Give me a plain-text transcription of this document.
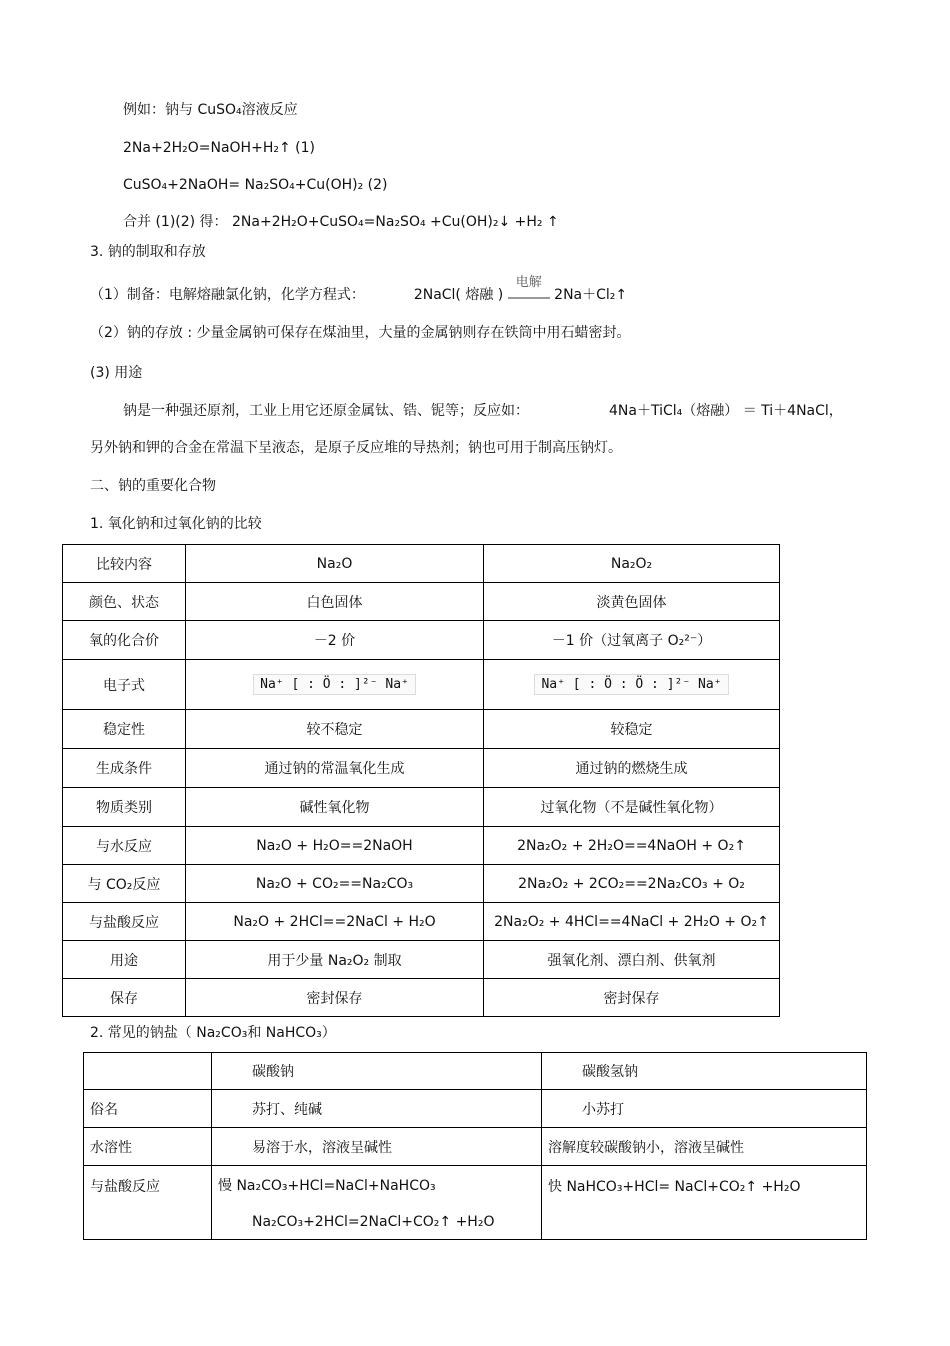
例如：钠与 CuSO₄溶液反应
2Na+2H₂O=NaOH+H₂↑ (1)
CuSO₄+2NaOH= Na₂SO₄+Cu(OH)₂ (2)
合并 (1)(2) 得： 2Na+2H₂O+CuSO₄=Na₂SO₄ +Cu(OH)₂↓ +H₂ ↑
3. 钠的制取和存放
（1）制备：电解熔融氯化钠，化学方程式：	2NaCl( 熔融 )
电解
2Na＋Cl₂↑
（2）钠的存放 : 少量金属钠可保存在煤油里，大量的金属钠则存在铁筒中用石蜡密封。
(3) 用途
钠是一种强还原剂，工业上用它还原金属钛、锆、铌等；反应如：	4Na＋TiCl₄（熔融） ＝ Ti＋4NaCl，
另外钠和钾的合金在常温下呈液态，是原子反应堆的导热剂；钠也可用于制高压钠灯。
二、钠的重要化合物
1. 氧化钠和过氧化钠的比较
比较内容	Na₂O	Na₂O₂
颜色、状态	白色固体	淡黄色固体
氧的化合价	－2 价	－1 价（过氧离子 O₂²⁻）
电子式	Na⁺ [ : Ö : ]²⁻ Na⁺	Na⁺ [ : Ö : Ö : ]²⁻ Na⁺
稳定性	较不稳定	较稳定
生成条件	通过钠的常温氧化生成	通过钠的燃烧生成
物质类别	碱性氧化物	过氧化物（不是碱性氧化物）
与水反应	Na₂O + H₂O==2NaOH	2Na₂O₂ + 2H₂O==4NaOH + O₂↑
与 CO₂反应	Na₂O + CO₂==Na₂CO₃	2Na₂O₂ + 2CO₂==2Na₂CO₃ + O₂
与盐酸反应	Na₂O + 2HCl==2NaCl + H₂O	2Na₂O₂ + 4HCl==4NaCl + 2H₂O + O₂↑
用途	用于少量 Na₂O₂ 制取	强氧化剂、漂白剂、供氧剂
保存	密封保存	密封保存
2. 常见的钠盐（ Na₂CO₃和 NaHCO₃）
	碳酸钠	碳酸氢钠
俗名	苏打、纯碱	小苏打
水溶性	易溶于水，溶液呈碱性	溶解度较碳酸钠小，溶液呈碱性
与盐酸反应	慢 Na₂CO₃+HCl=NaCl+NaHCO₃
Na₂CO₃+2HCl=2NaCl+CO₂↑ +H₂O	快 NaHCO₃+HCl= NaCl+CO₂↑ +H₂O
